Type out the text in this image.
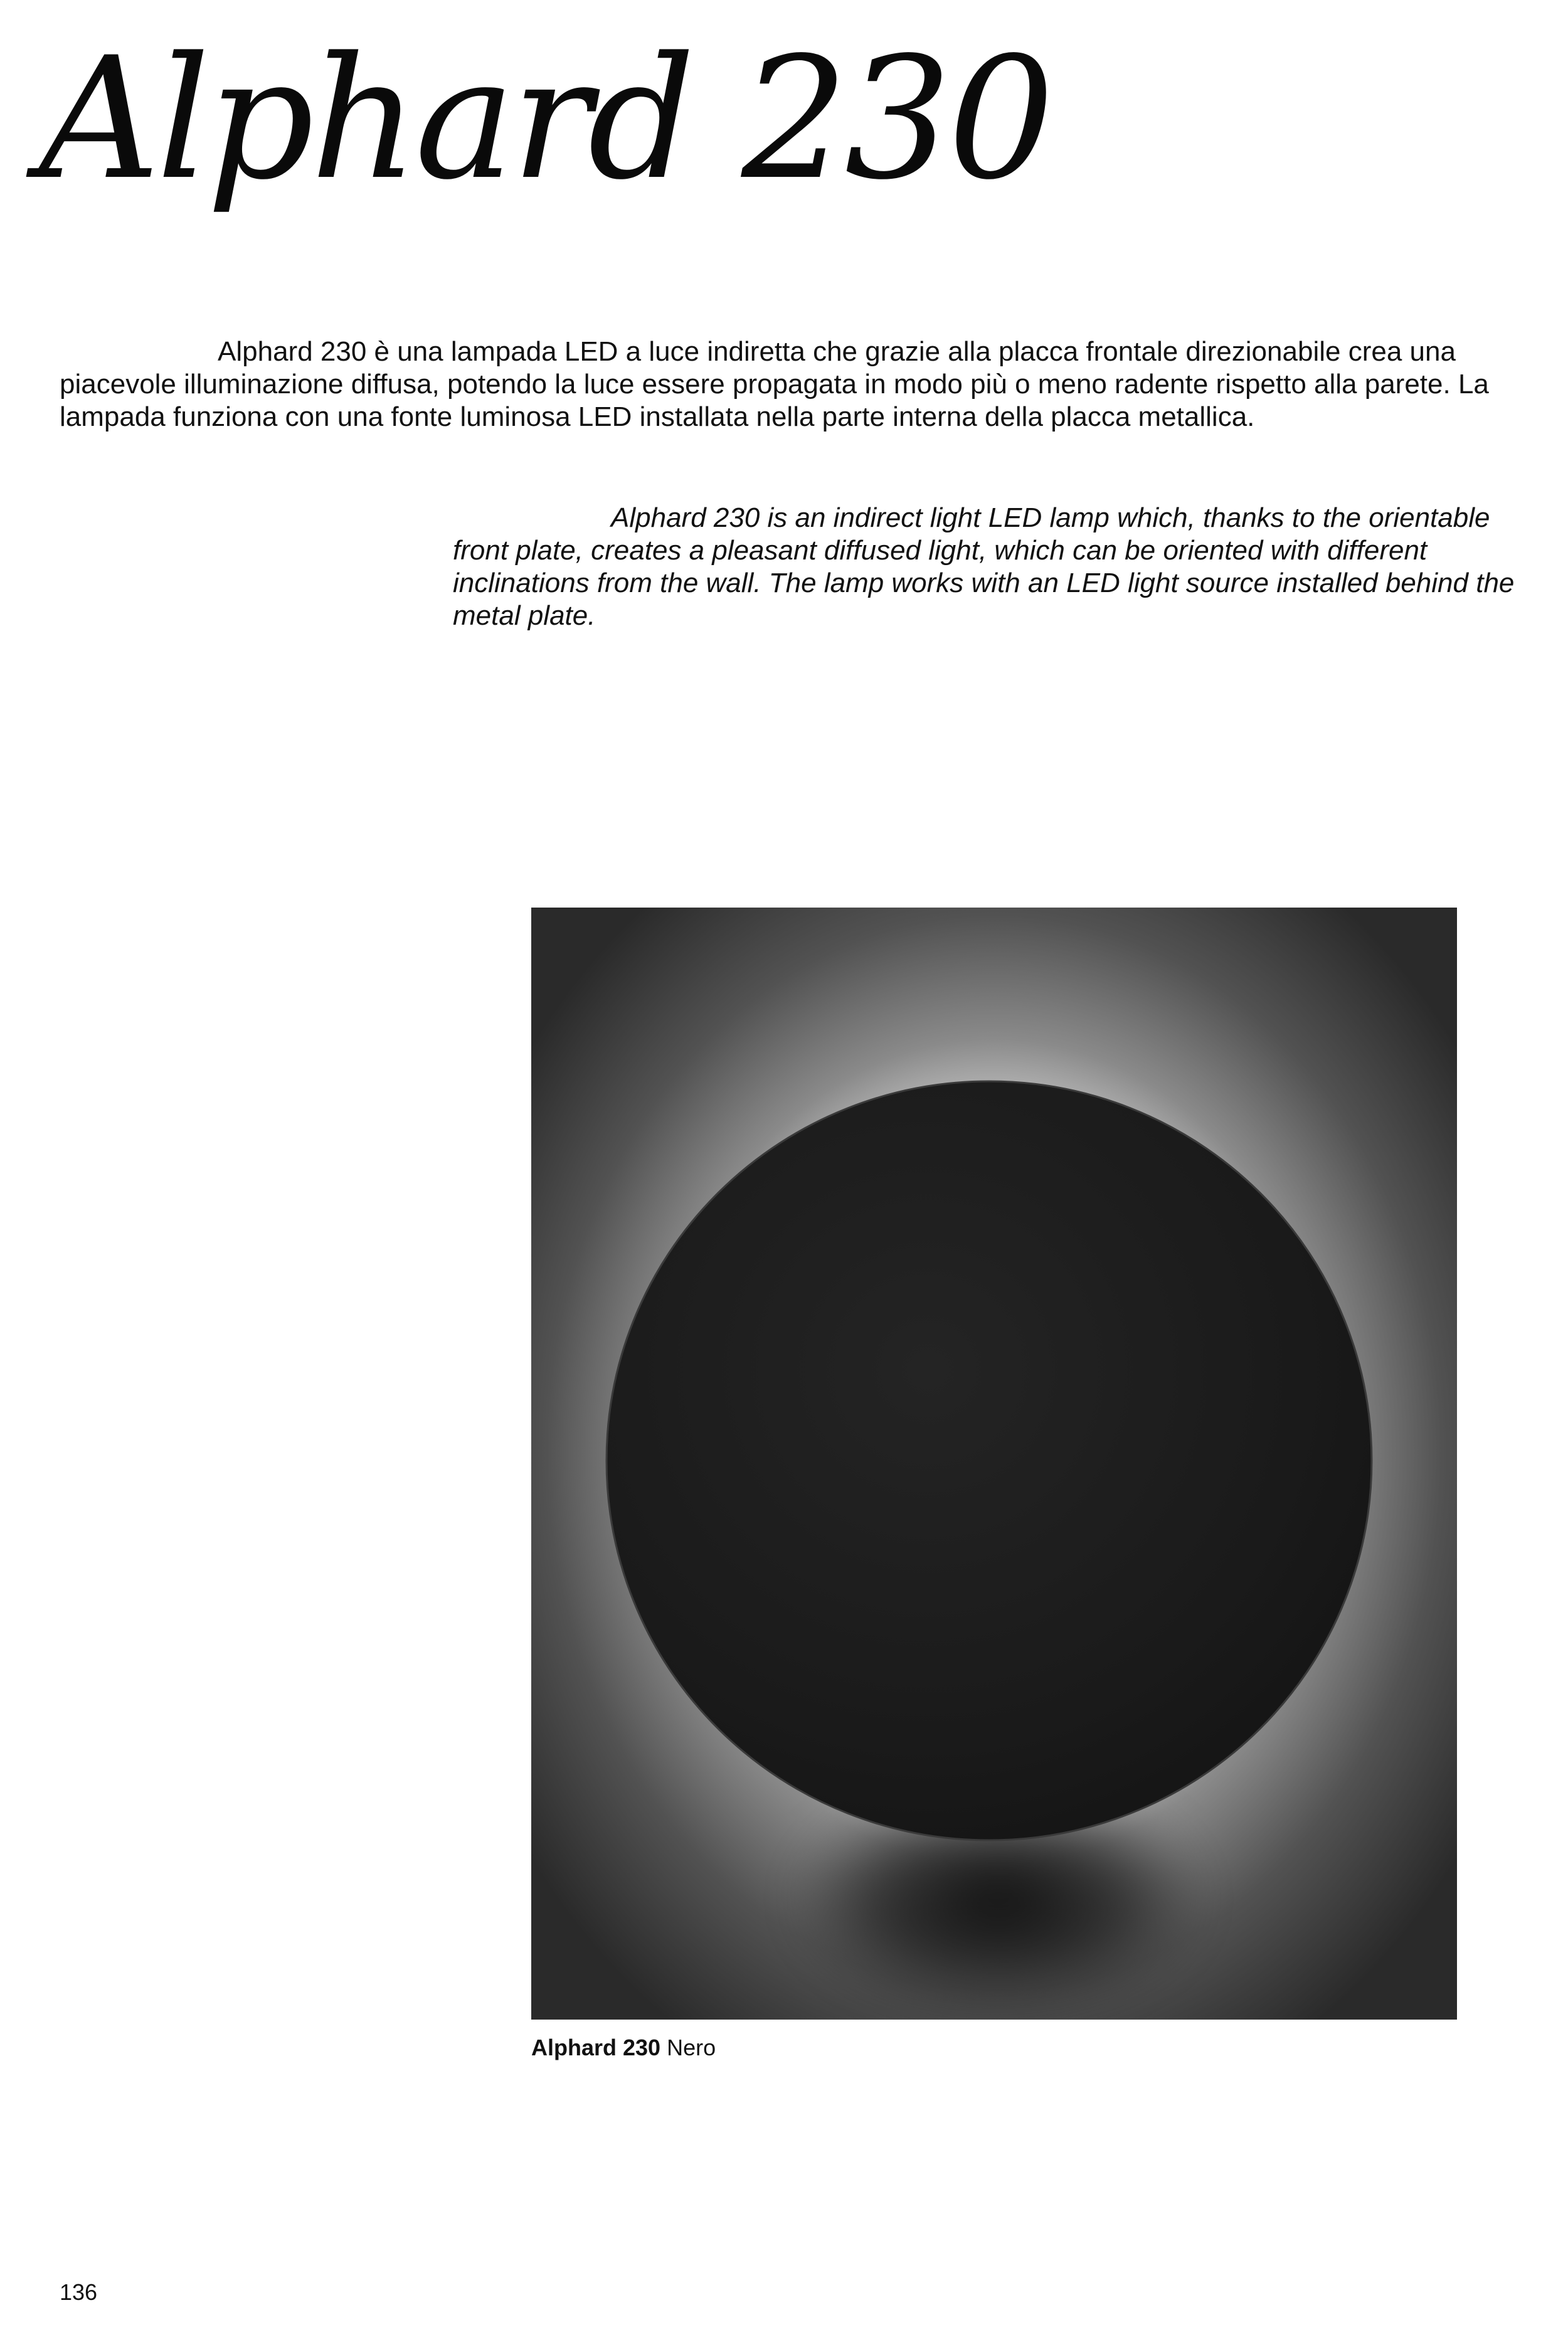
Alphard 230

Alphard 230 è una lampada LED a luce indiretta che grazie alla placca frontale direzionabile crea una piacevole illuminazione diffusa, potendo la luce essere propagata in modo più o meno radente rispetto alla parete. La lampada funziona con una fonte luminosa LED installata nella parte interna della placca metallica.

Alphard 230 is an indirect light LED lamp which, thanks to the orientable front plate, creates a pleasant diffused light, which can be oriented with different inclinations from the wall. The lamp works with an LED light source installed behind the metal plate.

Alphard 230 Nero

136
